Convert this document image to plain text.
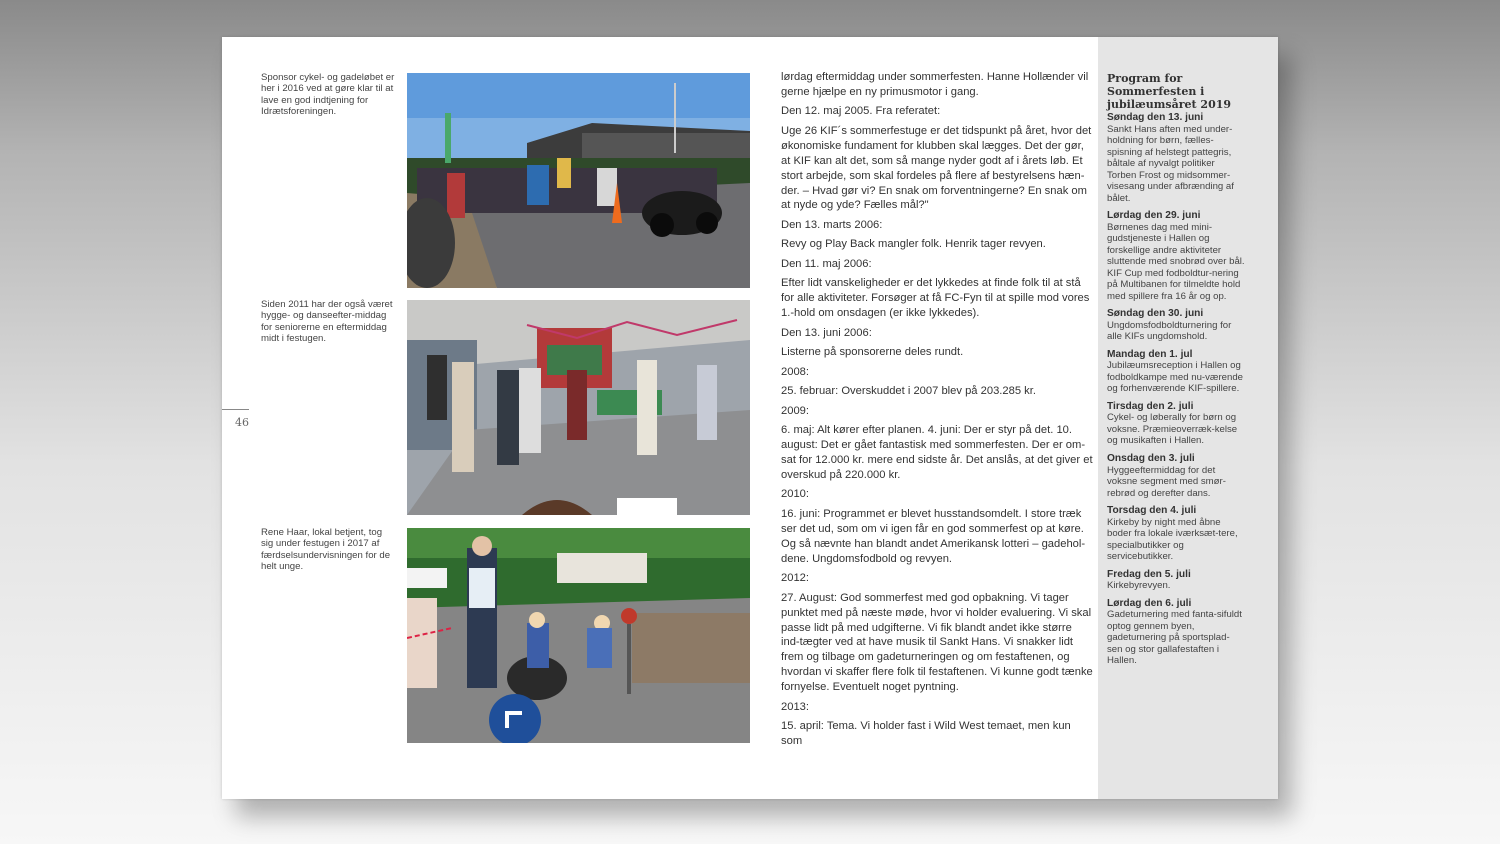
Sponsor cykel- og gadeløbet er her i 2016 ved at gøre klar til at lave en god indtjening for Idrætsforeningen.
Siden 2011 har der også været hygge- og danseefter-middag for seniorerne en eftermiddag midt i festugen.
Rene Haar, lokal betjent, tog sig under festugen i 2017 af færdselsundervisningen for de helt unge.
46

lørdag eftermiddag under sommerfesten. Hanne Hollænder vil gerne hjælpe en ny primusmotor i gang.

Den 12. maj 2005. Fra referatet:

Uge 26 KIF´s sommerfestuge er det tidspunkt på året, hvor det økonomiske fundament for klubben skal lægges. Det der gør, at KIF kan alt det, som så mange nyder godt af i årets løb. Et stort arbejde, som skal fordeles på flere af bestyrelsens hæn-der. – Hvad gør vi? En snak om forventningerne? En snak om at nyde og yde? Fælles mål?"

Den 13. marts 2006:

Revy og Play Back mangler folk. Henrik tager revyen.

Den 11. maj 2006:

Efter lidt vanskeligheder er det lykkedes at finde folk til at stå for alle aktiviteter. Forsøger at få FC-Fyn til at spille mod vores 1.-hold om onsdagen (er ikke lykkedes).

Den 13. juni 2006:

Listerne på sponsorerne deles rundt.

2008:

25. februar: Overskuddet i 2007 blev på 203.285 kr.

2009:

6. maj: Alt kører efter planen. 4. juni: Der er styr på det. 10. august: Det er gået fantastisk med sommerfesten. Der er om-sat for 12.000 kr. mere end sidste år. Det anslås, at det giver et overskud på 220.000 kr.

2010:

16. juni: Programmet er blevet husstandsomdelt. I store træk ser det ud, som om vi igen får en god sommerfest op at køre. Og så nævnte han blandt andet Amerikansk lotteri – gadehol-dene. Ungdomsfodbold og revyen.

2012:

27. August: God sommerfest med god opbakning. Vi tager punktet med på næste møde, hvor vi holder evaluering. Vi skal passe lidt på med udgifterne. Vi fik blandt andet ikke større ind-tægter ved at have musik til Sankt Hans. Vi snakker lidt frem og tilbage om gadeturneringen og om festaftenen, og hvordan vi skaffer flere folk til festaftenen. Vi kunne godt tænke fornyelse. Eventuelt noget pyntning.

2013:

15. april: Tema. Vi holder fast i Wild West temaet, men kun som

Program for Sommerfesten i jubilæumsåret 2019
Søndag den 13. juni
Sankt Hans aften med under-holdning for børn, fælles-spisning af helstegt pattegris, båltale af nyvalgt politiker Torben Frost og midsommer-visesang under afbrænding af bålet.
Lørdag den 29. juni
Børnenes dag med mini-gudstjeneste i Hallen og forskellige andre aktiviteter sluttende med snobrød over bål.
KIF Cup med fodboldtur-nering på Multibanen for tilmeldte hold med spillere fra 16 år og op.
Søndag den 30. juni
Ungdomsfodboldturnering for alle KIFs ungdomshold.
Mandag den 1. jul
Jubilæumsreception i Hallen og fodboldkampe med nu-værende og forhenværende KIF-spillere.
Tirsdag den 2. juli
Cykel- og løberally for børn og voksne. Præmieoverræk-kelse og musikaften i Hallen.
Onsdag den 3. juli
Hyggeeftermiddag for det voksne segment med smør-rebrød og derefter dans.
Torsdag den 4. juli
Kirkeby by night med åbne boder fra lokale iværksæt-tere, specialbutikker og servicebutikker.
Fredag den 5. juli
Kirkebyrevyen.
Lørdag den 6. juli
Gadeturnering med fanta-sifuldt optog gennem byen, gadeturnering på sportsplad-sen og stor gallafestaften i Hallen.
